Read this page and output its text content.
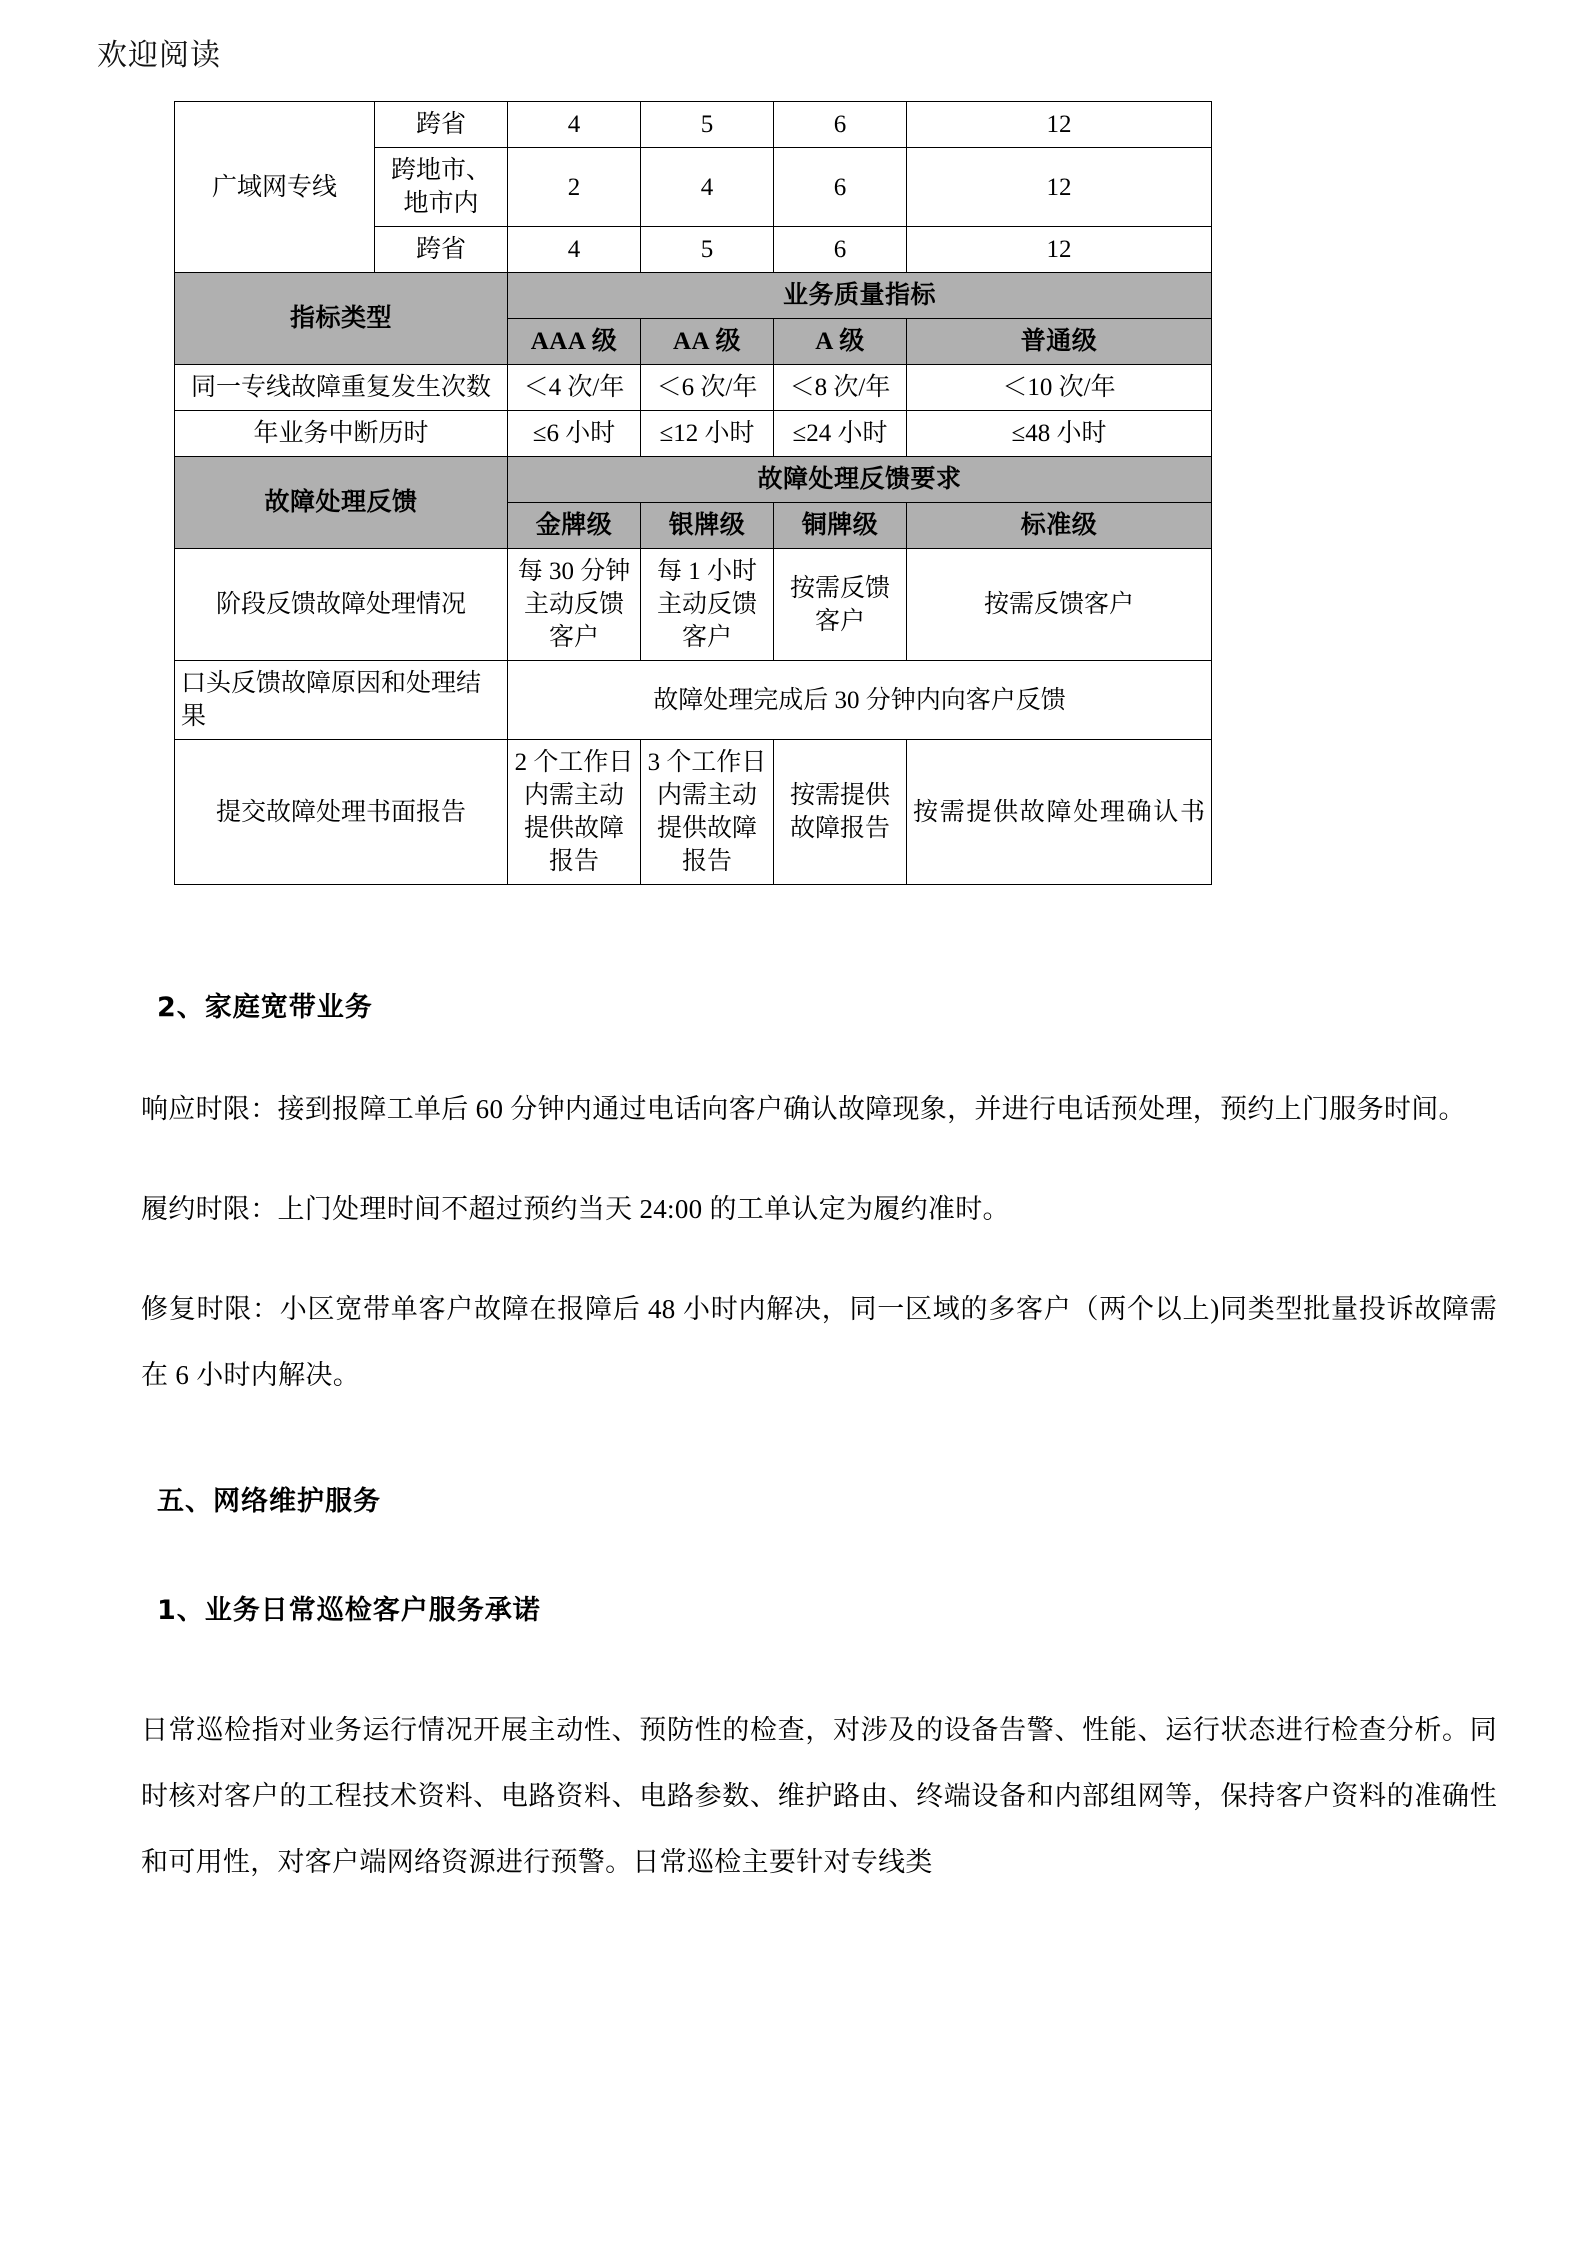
欢迎阅读
广域网专线	跨省	4	5	6	12
	跨地市、地市内	2	4	6	12
	跨省	4	5	6	12
指标类型		业务质量指标			
		AAA 级	AA 级	A 级	普通级
同一专线故障重复发生次数		＜4 次/年	＜6 次/年	＜8 次/年	＜10 次/年
年业务中断历时		≤6 小时	≤12 小时	≤24 小时	≤48 小时
故障处理反馈		故障处理反馈要求			
		金牌级	银牌级	铜牌级	标准级
阶段反馈故障处理情况		每 30 分钟主动反馈客户	每 1 小时主动反馈客户	按需反馈客户	按需反馈客户
口头反馈故障原因和处理结果		故障处理完成后 30 分钟内向客户反馈			
提交故障处理书面报告		2 个工作日内需主动提供故障报告	3 个工作日内需主动提供故障报告	按需提供故障报告	按需提供故障处理确认书
2、家庭宽带业务

响应时限：接到报障工单后 60 分钟内通过电话向客户确认故障现象，并进行电话预处理，预约上门服务时间。

履约时限：上门处理时间不超过预约当天 24:00 的工单认定为履约准时。

修复时限：小区宽带单客户故障在报障后 48 小时内解决，同一区域的多客户（两个以上)同类型批量投诉故障需在 6 小时内解决。

五、网络维护服务
1、业务日常巡检客户服务承诺

日常巡检指对业务运行情况开展主动性、预防性的检查，对涉及的设备告警、性能、运行状态进行检查分析。同时核对客户的工程技术资料、电路资料、电路参数、维护路由、终端设备和内部组网等，保持客户资料的准确性和可用性，对客户端网络资源进行预警。日常巡检主要针对专线类
